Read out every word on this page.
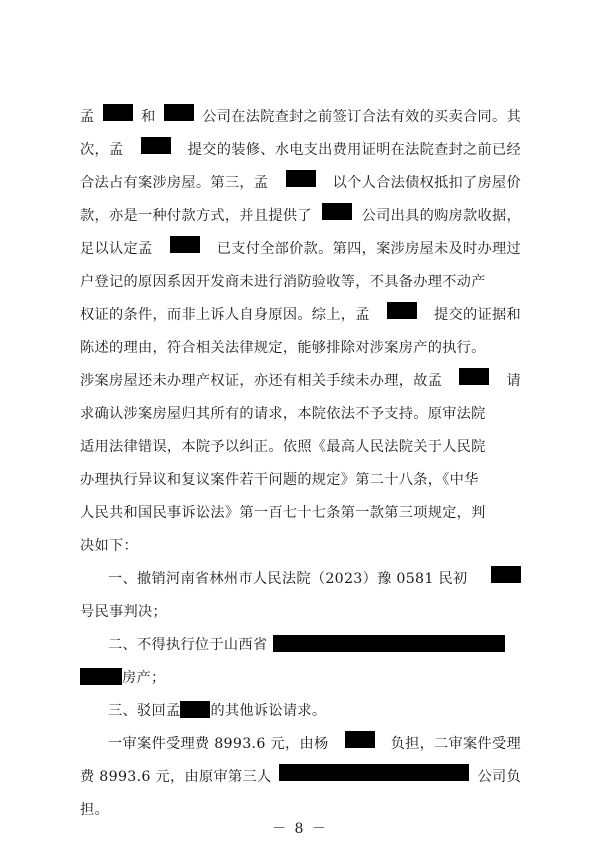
孟	和	公司在法院查封之前签订合法有效的买卖合同。其
次，孟	提交的装修、水电支出费用证明在法院查封之前已经
合法占有案涉房屋。第三，孟	以个人合法债权抵扣了房屋价
款，亦是一种付款方式，并且提供了	公司出具的购房款收据，
足以认定孟	已支付全部价款。第四，案涉房屋未及时办理过
户登记的原因系因开发商未进行消防验收等，不具备办理不动产
权证的条件，而非上诉人自身原因。综上，孟	提交的证据和
陈述的理由，符合相关法律规定，能够排除对涉案房产的执行。
涉案房屋还未办理产权证，亦还有相关手续未办理，故孟	请
求确认涉案房屋归其所有的请求，本院依法不予支持。原审法院
适用法律错误，本院予以纠正。依照《最高人民法院关于人民院
办理执行异议和复议案件若干问题的规定》第二十八条，《中华
人民共和国民事诉讼法》第一百七十七条第一款第三项规定，判
决如下：
一、撤销河南省林州市人民法院（2023）豫 0581 民初
号民事判决；
二、不得执行位于山西省
房产；
三、驳回孟 的其他诉讼请求。
一审案件受理费 8993.6 元，由杨	负担，二审案件受理
费 8993.6 元，由原审第三人	公司负
担。
－ 8 －
